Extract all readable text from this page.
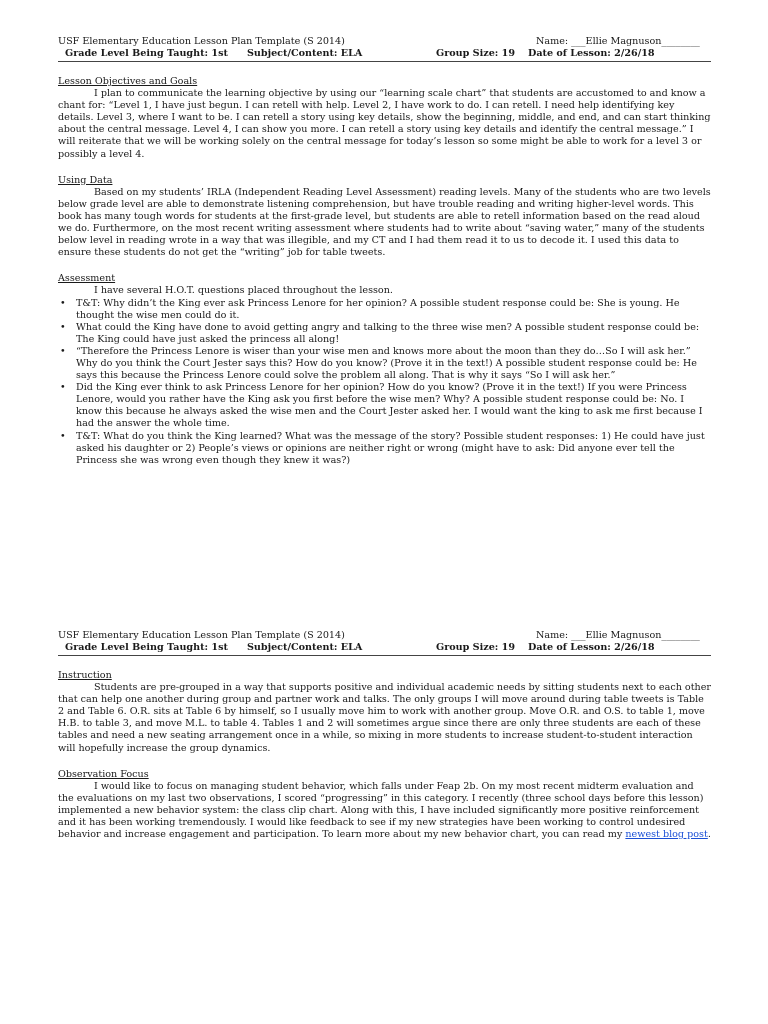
USF Elementary Education Lesson Plan Template (S 2014)	Name: ___Ellie Magnuson________
Grade Level Being Taught: 1st Subject/Content: ELA	Group Size: 19 Date of Lesson: 2/26/18
Lesson Objectives and Goals

I plan to communicate the learning objective by using our “learning scale chart” that students are accustomed to and know a chant for: “Level 1, I have just begun. I can retell with help. Level 2, I have work to do. I can retell. I need help identifying key details. Level 3, where I want to be. I can retell a story using key details, show the beginning, middle, and end, and can start thinking about the central message. Level 4, I can show you more. I can retell a story using key details and identify the central message.” I will reiterate that we will be working solely on the central message for today’s lesson so some might be able to work for a level 3 or possibly a level 4.

Using Data

Based on my students’ IRLA (Independent Reading Level Assessment) reading levels. Many of the students who are two levels below grade level are able to demonstrate listening comprehension, but have trouble reading and writing higher-level words. This book has many tough words for students at the first-grade level, but students are able to retell information based on the read aloud we do. Furthermore, on the most recent writing assessment where students had to write about “saving water,” many of the students below level in reading wrote in a way that was illegible, and my CT and I had them read it to us to decode it. I used this data to ensure these students do not get the “writing” job for table tweets.

Assessment

I have several H.O.T. questions placed throughout the lesson.

• T&T: Why didn’t the King ever ask Princess Lenore for her opinion? A possible student response could be: She is young. He thought the wise men could do it.
• What could the King have done to avoid getting angry and talking to the three wise men? A possible student response could be: The King could have just asked the princess all along!
• “Therefore the Princess Lenore is wiser than your wise men and knows more about the moon than they do…So I will ask her.” Why do you think the Court Jester says this? How do you know? (Prove it in the text!) A possible student response could be: He says this because the Princess Lenore could solve the problem all along. That is why it says “So I will ask her.”
• Did the King ever think to ask Princess Lenore for her opinion? How do you know? (Prove it in the text!) If you were Princess Lenore, would you rather have the King ask you first before the wise men? Why? A possible student response could be: No. I know this because he always asked the wise men and the Court Jester asked her. I would want the king to ask me first because I had the answer the whole time.
• T&T: What do you think the King learned? What was the message of the story? Possible student responses: 1) He could have just asked his daughter or 2) People’s views or opinions are neither right or wrong (might have to ask: Did anyone ever tell the Princess she was wrong even though they knew it was?)
USF Elementary Education Lesson Plan Template (S 2014)	Name: ___Ellie Magnuson________
Grade Level Being Taught: 1st Subject/Content: ELA	Group Size: 19 Date of Lesson: 2/26/18
Instruction

Students are pre-grouped in a way that supports positive and individual academic needs by sitting students next to each other that can help one another during group and partner work and talks. The only groups I will move around during table tweets is Table 2 and Table 6. O.R. sits at Table 6 by himself, so I usually move him to work with another group. Move O.R. and O.S. to table 1, move H.B. to table 3, and move M.L. to table 4. Tables 1 and 2 will sometimes argue since there are only three students are each of these tables and need a new seating arrangement once in a while, so mixing in more students to increase student-to-student interaction will hopefully increase the group dynamics.

Observation Focus

I would like to focus on managing student behavior, which falls under Feap 2b. On my most recent midterm evaluation and the evaluations on my last two observations, I scored “progressing” in this category. I recently (three school days before this lesson) implemented a new behavior system: the class clip chart. Along with this, I have included significantly more positive reinforcement and it has been working tremendously. I would like feedback to see if my new strategies have been working to control undesired behavior and increase engagement and participation. To learn more about my new behavior chart, you can read my newest blog post.
